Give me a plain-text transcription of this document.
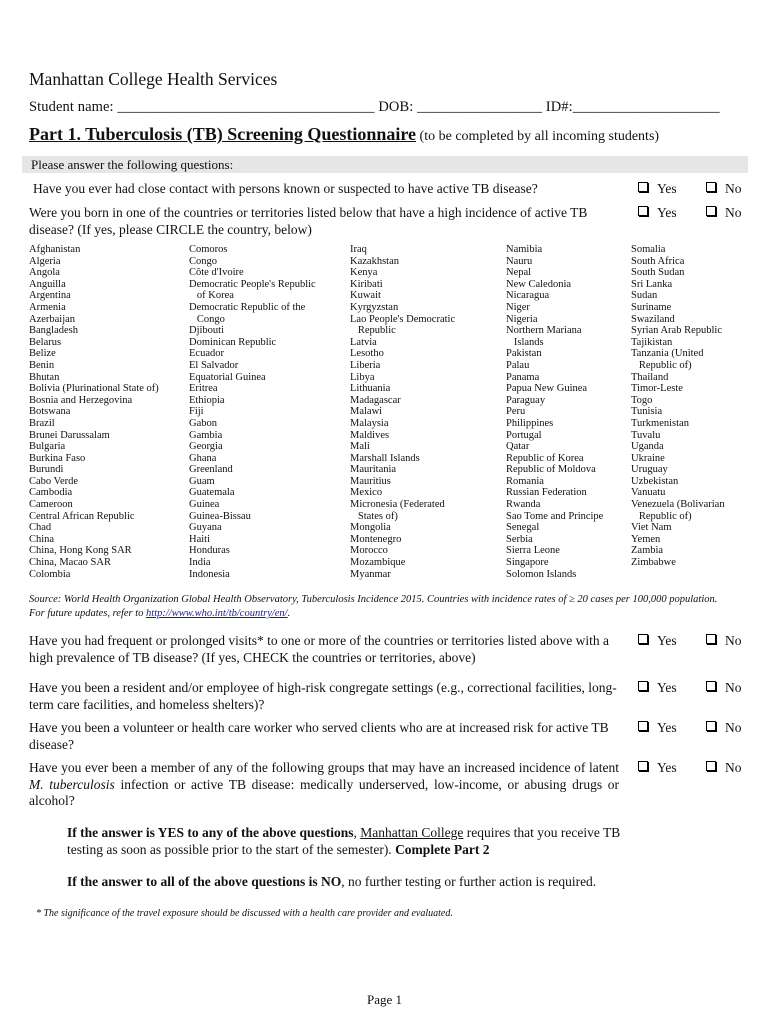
Manhattan College Health Services
Student name: ___________________________________ DOB: _________________ ID#:____________________
Part 1. Tuberculosis (TB) Screening Questionnaire (to be completed by all incoming students)
Please answer the following questions:
Have you ever had close contact with persons known or suspected to have active TB disease?	Yes	No
Were you born in one of the countries or territories listed below that have a high incidence of active TB disease? (If yes, please CIRCLE the country, below)
Yes	No
Afghanistan
Algeria
Angola
Anguilla
Argentina
Armenia
Azerbaijan
Bangladesh
Belarus
Belize
Benin
Bhutan
Bolivia (Plurinational State of)
Bosnia and Herzegovina
Botswana
Brazil
Brunei Darussalam
Bulgaria
Burkina Faso
Burundi
Cabo Verde
Cambodia
Cameroon
Central African Republic
Chad
China
China, Hong Kong SAR
China, Macao SAR
Colombia
Comoros
Congo
Côte d'Ivoire
Democratic People's Republic
of Korea
Democratic Republic of the
Congo
Djibouti
Dominican Republic
Ecuador
El Salvador
Equatorial Guinea
Eritrea
Ethiopia
Fiji
Gabon
Gambia
Georgia
Ghana
Greenland
Guam
Guatemala
Guinea
Guinea-Bissau
Guyana
Haiti
Honduras
India
Indonesia
Iraq
Kazakhstan
Kenya
Kiribati
Kuwait
Kyrgyzstan
Lao People's Democratic
Republic
Latvia
Lesotho
Liberia
Libya
Lithuania
Madagascar
Malawi
Malaysia
Maldives
Mali
Marshall Islands
Mauritania
Mauritius
Mexico
Micronesia (Federated
States of)
Mongolia
Montenegro
Morocco
Mozambique
Myanmar
Namibia
Nauru
Nepal
New Caledonia
Nicaragua
Niger
Nigeria
Northern Mariana
Islands
Pakistan
Palau
Panama
Papua New Guinea
Paraguay
Peru
Philippines
Portugal
Qatar
Republic of Korea
Republic of Moldova
Romania
Russian Federation
Rwanda
Sao Tome and Principe
Senegal
Serbia
Sierra Leone
Singapore
Solomon Islands
Somalia
South Africa
South Sudan
Sri Lanka
Sudan
Suriname
Swaziland
Syrian Arab Republic
Tajikistan
Tanzania (United
Republic of)
Thailand
Timor-Leste
Togo
Tunisia
Turkmenistan
Tuvalu
Uganda
Ukraine
Uruguay
Uzbekistan
Vanuatu
Venezuela (Bolivarian
Republic of)
Viet Nam
Yemen
Zambia
Zimbabwe
Source: World Health Organization Global Health Observatory, Tuberculosis Incidence 2015. Countries with incidence rates of ≥ 20 cases per 100,000 population. For future updates, refer to http://www.who.int/tb/country/en/.
Have you had frequent or prolonged visits* to one or more of the countries or territories listed above with a high prevalence of TB disease? (If yes, CHECK the countries or territories, above)
Yes	No
Have you been a resident and/or employee of high-risk congregate settings (e.g., correctional facilities, long-term care facilities, and homeless shelters)?
Yes	No
Have you been a volunteer or health care worker who served clients who are at increased risk for active TB disease?
Yes	No
Have you ever been a member of any of the following groups that may have an increased incidence of latent M. tuberculosis infection or active TB disease: medically underserved, low-income, or abusing drugs or alcohol?
Yes	No
If the answer is YES to any of the above questions, Manhattan College requires that you receive TB testing as soon as possible prior to the start of the semester). Complete Part 2
If the answer to all of the above questions is NO, no further testing or further action is required.
* The significance of the travel exposure should be discussed with a health care provider and evaluated.
Page 1
